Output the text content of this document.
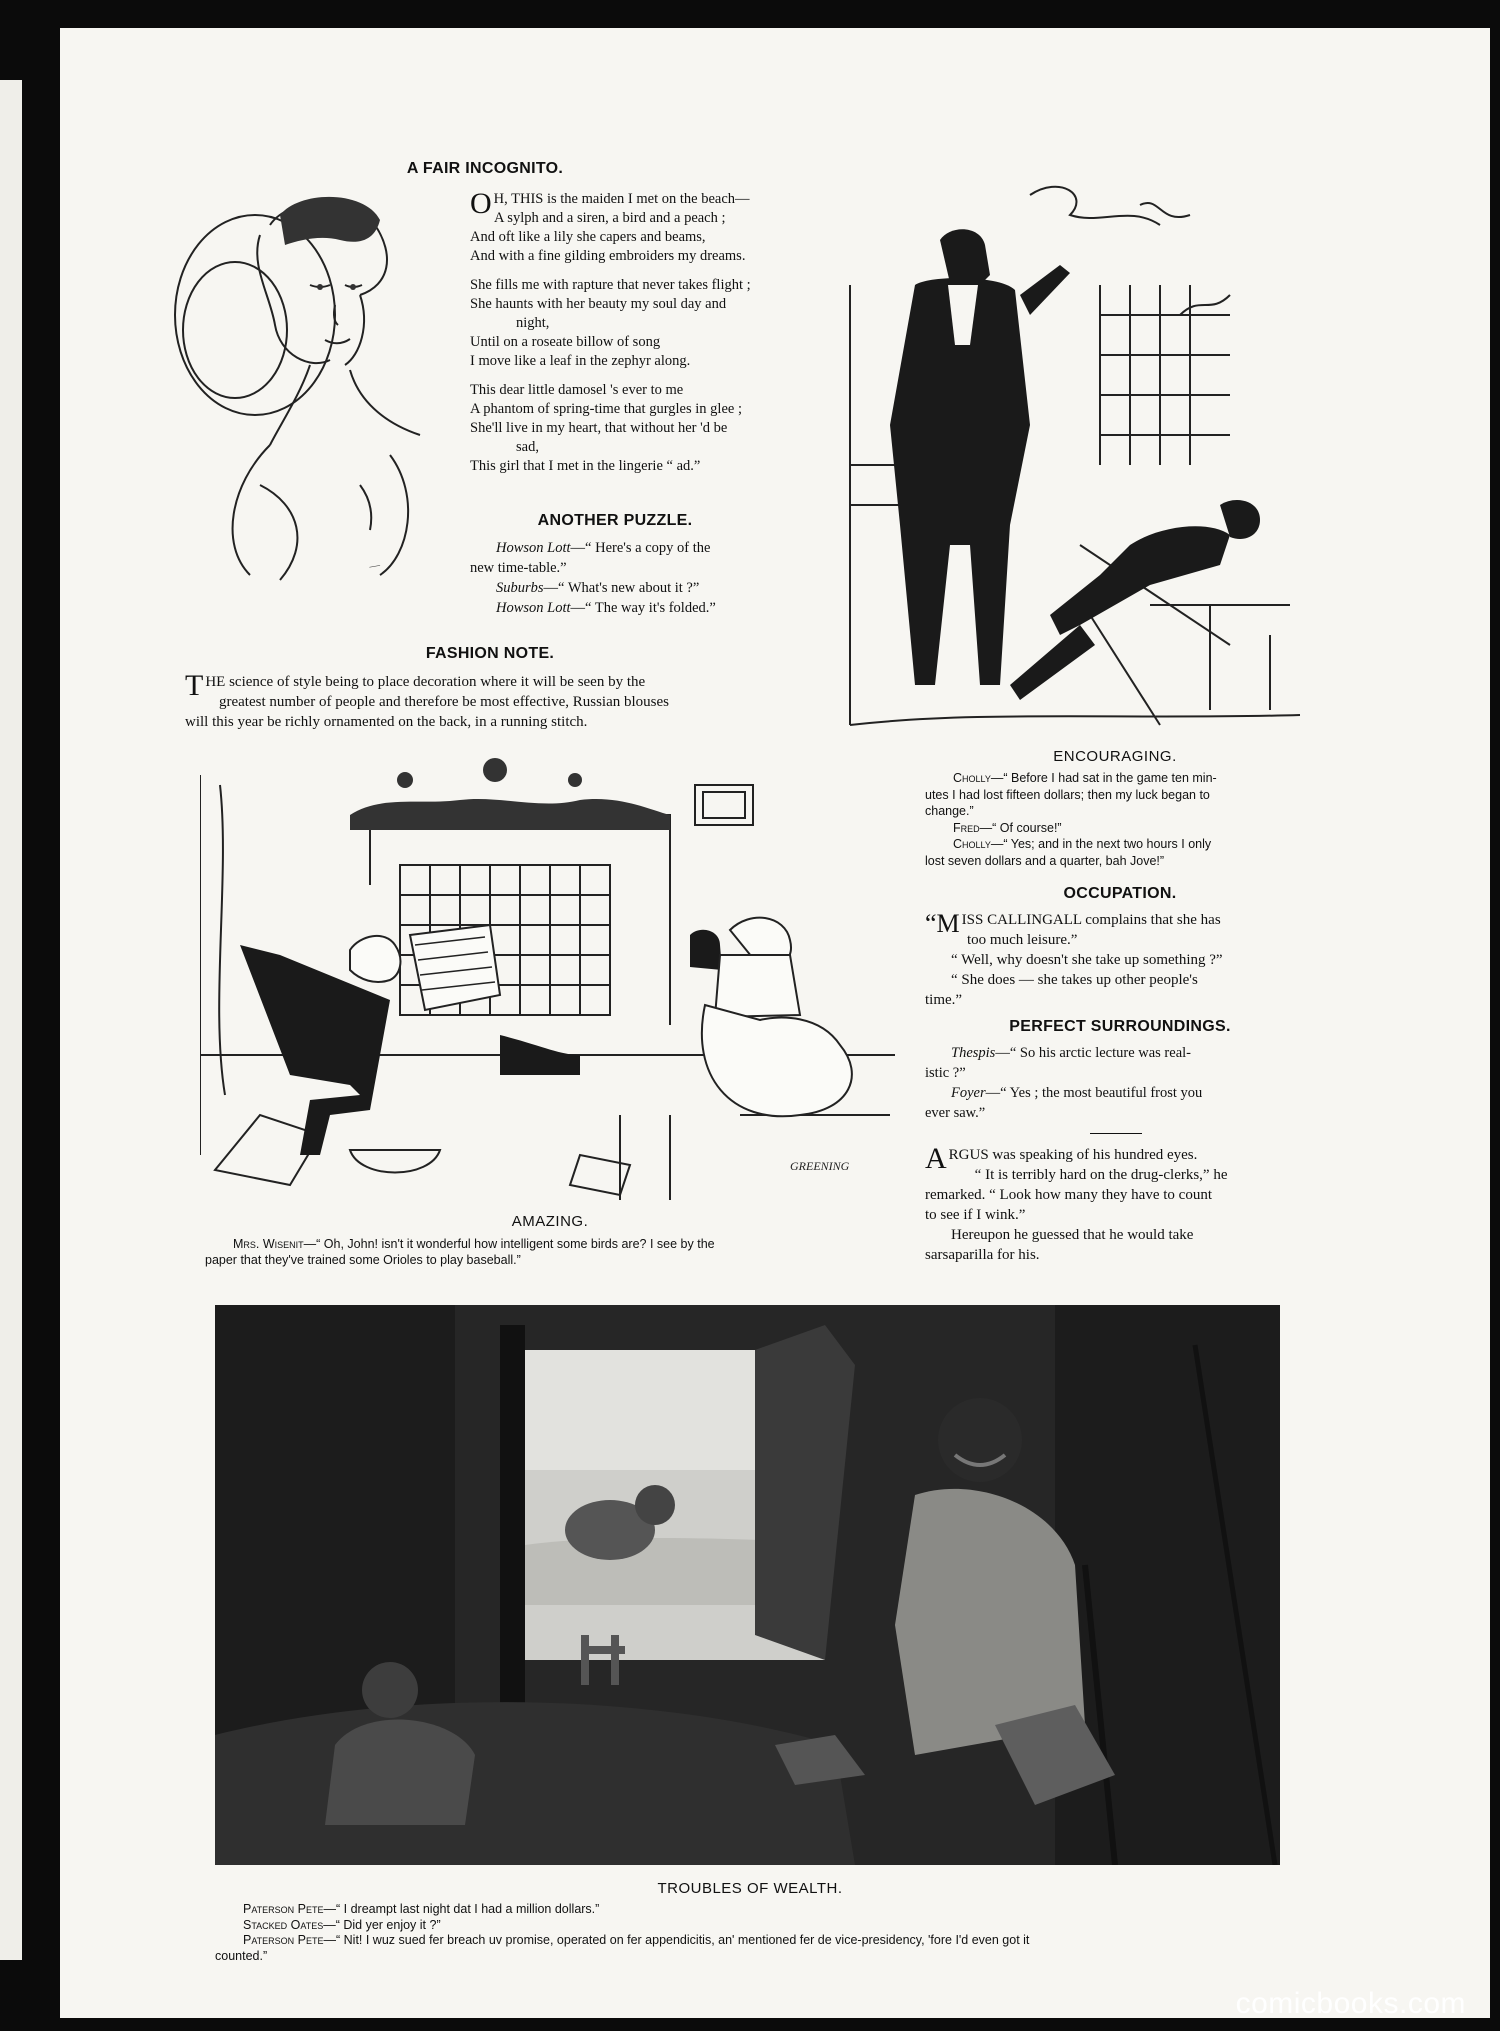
A FAIR INCOGNITO.
—

O H, THIS is the maiden I met on the beach—
A sylph and a siren, a bird and a peach ;
And oft like a lily she capers and beams,
And with a fine gilding embroiders my dreams.

She fills me with rapture that never takes flight ;
She haunts with her beauty my soul day and
night,
Until on a roseate billow of song
I move like a leaf in the zephyr along.

This dear little damosel 's ever to me
A phantom of spring-time that gurgles in glee ;
She'll live in my heart, that without her 'd be
sad,
This girl that I met in the lingerie “ ad.”

ANOTHER PUZZLE.

Howson Lott—“ Here's a copy of the

new time-table.”

Suburbs—“ What's new about it ?”

Howson Lott—“ The way it's folded.”

FASHION NOTE.

THE science of style being to place decoration where it will be seen by the

greatest number of people and therefore be most effective, Russian blouses

will this year be richly ornamented on the back, in a running stitch.

ENCOURAGING.

Cholly—“ Before I had sat in the game ten min-

utes I had lost fifteen dollars; then my luck began to

change.”

Fred—“ Of course!”

Cholly—“ Yes; and in the next two hours I only

lost seven dollars and a quarter, bah Jove!”

OCCUPATION.

“MISS CALLINGALL complains that she has

too much leisure.”

“ Well, why doesn't she take up something ?”

“ She does — she takes up other people's

time.”

PERFECT SURROUNDINGS.

Thespis—“ So his arctic lecture was real-

istic ?”

Foyer—“ Yes ; the most beautiful frost you

ever saw.”

ARGUS was speaking of his hundred eyes.

“ It is terribly hard on the drug-clerks,” he

remarked. “ Look how many they have to count

to see if I wink.”

Hereupon he guessed that he would take

sarsaparilla for his.

GREENING
AMAZING.

Mrs. Wisenit—“ Oh, John! isn't it wonderful how intelligent some birds are? I see by the

paper that they've trained some Orioles to play baseball.”

TROUBLES OF WEALTH.

Paterson Pete—“ I dreampt last night dat I had a million dollars.”

Stacked Oates—“ Did yer enjoy it ?”

Paterson Pete—“ Nit! I wuz sued fer breach uv promise, operated on fer appendicitis, an' mentioned fer de vice-presidency, 'fore I'd even got it

counted.”

comicbooks.com
